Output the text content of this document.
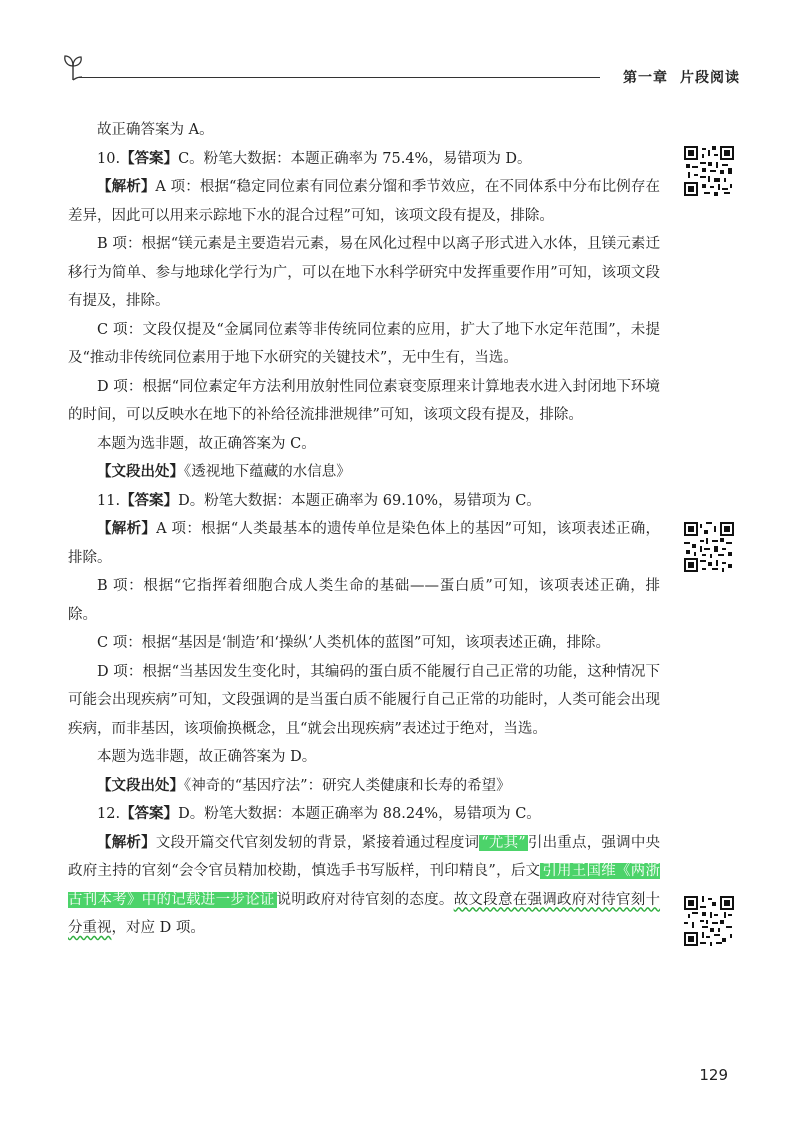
第一章 片段阅读

故正确答案为 A。

10.【答案】C。粉笔大数据：本题正确率为 75.4%，易错项为 D。

【解析】A 项：根据“稳定同位素有同位素分馏和季节效应，在不同体系中分布比例存在差异，因此可以用来示踪地下水的混合过程”可知，该项文段有提及，排除。

B 项：根据“镁元素是主要造岩元素，易在风化过程中以离子形式进入水体，且镁元素迁移行为简单、参与地球化学行为广，可以在地下水科学研究中发挥重要作用”可知，该项文段有提及，排除。

C 项：文段仅提及“金属同位素等非传统同位素的应用，扩大了地下水定年范围”，未提及“推动非传统同位素用于地下水研究的关键技术”，无中生有，当选。

D 项：根据“同位素定年方法利用放射性同位素衰变原理来计算地表水进入封闭地下环境的时间，可以反映水在地下的补给径流排泄规律”可知，该项文段有提及，排除。

本题为选非题，故正确答案为 C。

【文段出处】《透视地下蕴藏的水信息》

11.【答案】D。粉笔大数据：本题正确率为 69.10%，易错项为 C。

【解析】A 项：根据“人类最基本的遗传单位是染色体上的基因”可知，该项表述正确，排除。

B 项：根据“它指挥着细胞合成人类生命的基础——蛋白质”可知，该项表述正确，排除。

C 项：根据“基因是‘制造’和‘操纵’人类机体的蓝图”可知，该项表述正确，排除。

D 项：根据“当基因发生变化时，其编码的蛋白质不能履行自己正常的功能，这种情况下可能会出现疾病”可知，文段强调的是当蛋白质不能履行自己正常的功能时，人类可能会出现疾病，而非基因，该项偷换概念，且“就会出现疾病”表述过于绝对，当选。

本题为选非题，故正确答案为 D。

【文段出处】《神奇的“基因疗法”：研究人类健康和长寿的希望》

12.【答案】D。粉笔大数据：本题正确率为 88.24%，易错项为 C。

【解析】文段开篇交代官刻发轫的背景，紧接着通过程度词 “尤其” 引出重点，强调中央政府主持的官刻“会令官员精加校勘，慎选手书写版样，刊印精良”，后文 引用王国维《两浙古刊本考》中的记载进一步论证 说明政府对待官刻的态度。故文段意在强调政府对待官刻十分重视，对应 D 项。

129
